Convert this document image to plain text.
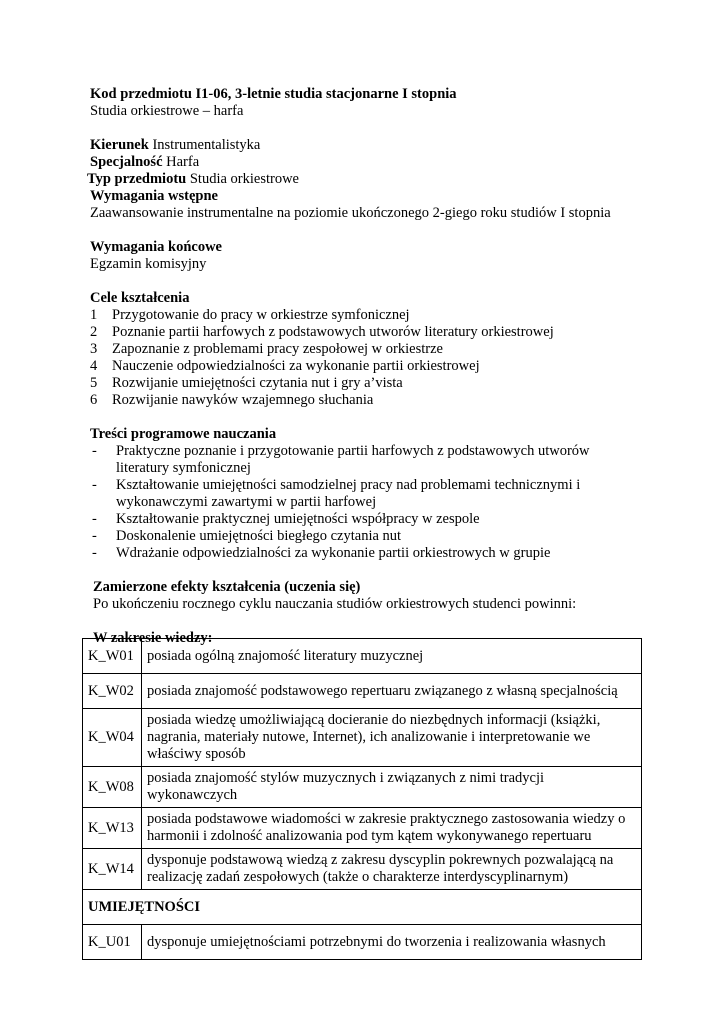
Kod przedmiotu I1-06, 3-letnie studia stacjonarne I stopnia
Studia orkiestrowe – harfa
Kierunek Instrumentalistyka
Specjalność Harfa
Typ przedmiotu Studia orkiestrowe
Wymagania wstępne
Zaawansowanie instrumentalne na poziomie ukończonego 2-giego roku studiów I stopnia
Wymagania końcowe
Egzamin komisyjny
Cele kształcenia
1	Przygotowanie do pracy w orkiestrze symfonicznej
2	Poznanie partii harfowych z podstawowych utworów literatury orkiestrowej
3	Zapoznanie z problemami pracy zespołowej w orkiestrze
4	Nauczenie odpowiedzialności za wykonanie partii orkiestrowej
5	Rozwijanie umiejętności czytania nut i gry a’vista
6	Rozwijanie nawyków wzajemnego słuchania
Treści programowe nauczania
-	Praktyczne poznanie i przygotowanie partii harfowych z podstawowych utworów literatury symfonicznej
-	Kształtowanie umiejętności samodzielnej pracy nad problemami technicznymi i wykonawczymi zawartymi w partii harfowej
-	Kształtowanie praktycznej umiejętności współpracy w zespole
-	Doskonalenie umiejętności biegłego czytania nut
-	Wdrażanie odpowiedzialności za wykonanie partii orkiestrowych w grupie
Zamierzone efekty kształcenia (uczenia się)
Po ukończeniu rocznego cyklu nauczania studiów orkiestrowych studenci powinni:
W zakresie wiedzy:
K_W01	posiada ogólną znajomość literatury muzycznej
K_W02	posiada znajomość podstawowego repertuaru związanego z własną specjalnością
K_W04	posiada wiedzę umożliwiającą docieranie do niezbędnych informacji (książki, nagrania, materiały nutowe, Internet), ich analizowanie i interpretowanie we właściwy sposób
K_W08	posiada znajomość stylów muzycznych i związanych z nimi tradycji wykonawczych
K_W13	posiada podstawowe wiadomości w zakresie praktycznego zastosowania wiedzy o harmonii i zdolność analizowania pod tym kątem wykonywanego repertuaru
K_W14	dysponuje podstawową wiedzą z zakresu dyscyplin pokrewnych pozwalającą na realizację zadań zespołowych (także o charakterze interdyscyplinarnym)
UMIEJĘTNOŚCI	
K_U01	dysponuje umiejętnościami potrzebnymi do tworzenia i realizowania własnych
